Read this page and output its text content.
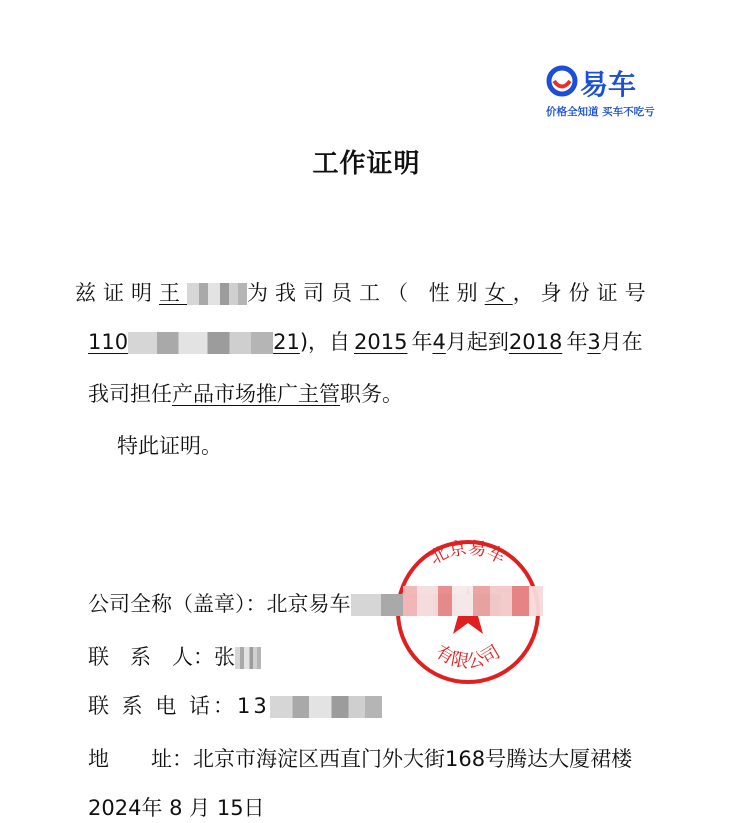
易车
价格全知道 买车不吃亏
工作证明
兹证明王	为我司员工（ 性别女，身份证号
110	21)，自 2015 年4月起到2018 年3月在
我司担任产品市场推广主管职务。
特此证明。
北京易车
有限公司
公司全称（盖章）：北京易车
联　系　人：张
联 系 电 话：13
地　　址：北京市海淀区西直门外大街168号腾达大厦裙楼
2024年 8 月 15日
